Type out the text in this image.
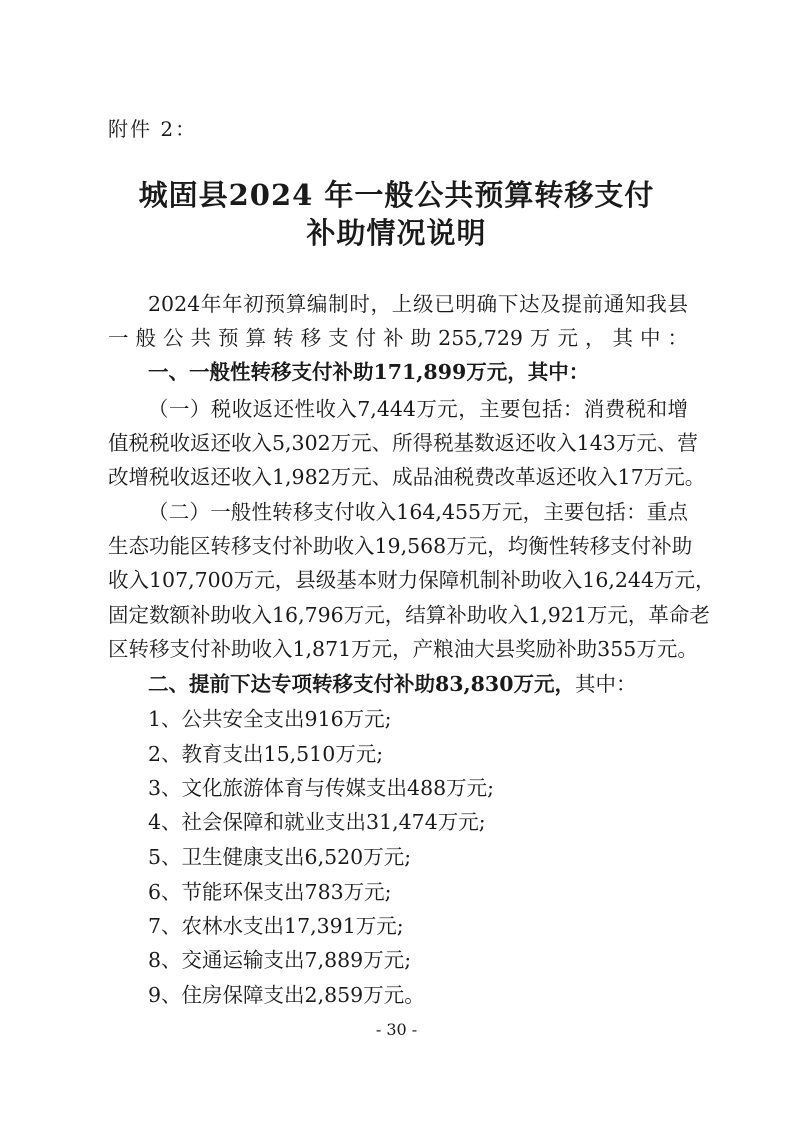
附件 2：
城固县2024 年一般公共预算转移支付
补助情况说明
2024年年初预算编制时，上级已明确下达及提前通知我县
一般公共预算转移支付补助255,729万元，其中：
一、一般性转移支付补助171,899万元，其中：
（一）税收返还性收入7,444万元，主要包括：消费税和增
值税税收返还收入5,302万元、所得税基数返还收入143万元、营
改增税收返还收入1,982万元、成品油税费改革返还收入17万元。
（二）一般性转移支付收入164,455万元，主要包括：重点
生态功能区转移支付补助收入19,568万元，均衡性转移支付补助
收入107,700万元，县级基本财力保障机制补助收入16,244万元，
固定数额补助收入16,796万元，结算补助收入1,921万元，革命老
区转移支付补助收入1,871万元，产粮油大县奖励补助355万元。
二、提前下达专项转移支付补助83,830万元，其中：
1、公共安全支出916万元;
2、教育支出15,510万元;
3、文化旅游体育与传媒支出488万元;
4、社会保障和就业支出31,474万元;
5、卫生健康支出6,520万元;
6、节能环保支出783万元;
7、农林水支出17,391万元;
8、交通运输支出7,889万元;
9、住房保障支出2,859万元。
- 30 -
